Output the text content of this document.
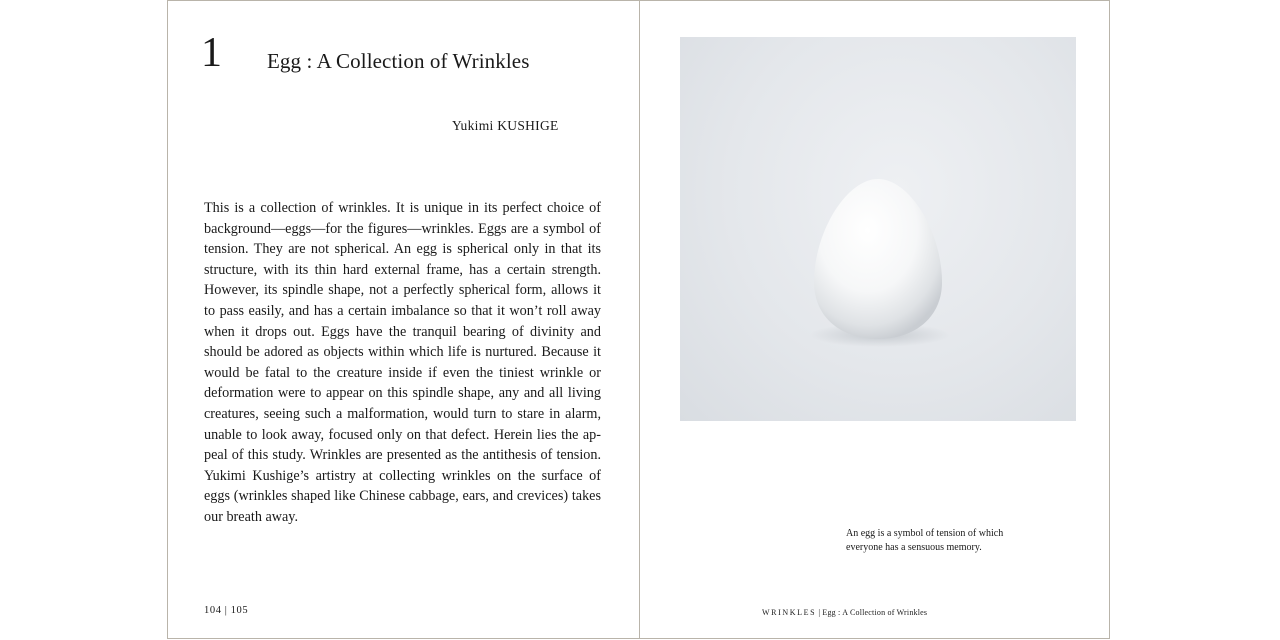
1 Egg : A Collection of Wrinkles
Yukimi KUSHIGE

This is a collection of wrinkles. It is unique in its perfect choice of background—eggs—for the figures—wrinkles. Eggs are a symbol of tension. They are not spherical. An egg is spherical only in that its structure, with its thin hard external frame, has a certain strength. However, its spindle shape, not a perfectly spherical form, allows it to pass easily, and has a certain imbalance so that it won’t roll away when it drops out. Eggs have the tranquil bearing of divinity and should be adored as objects within which life is nurtured. Because it would be fatal to the creature inside if even the tiniest wrinkle or deformation were to appear on this spindle shape, any and all living creatures, seeing such a malformation, would turn to stare in alarm, unable to look away, focused only on that defect. Herein lies the appeal of this study. Wrinkles are presented as the antithesis of tension. Yukimi Kushige’s artistry at collecting wrinkles on the surface of eggs (wrinkles shaped like Chinese cabbage, ears, and crevices) takes our breath away.

104 | 105
An egg is a symbol of tension of which everyone has a sensuous memory.
WRINKLES | Egg : A Collection of Wrinkles
